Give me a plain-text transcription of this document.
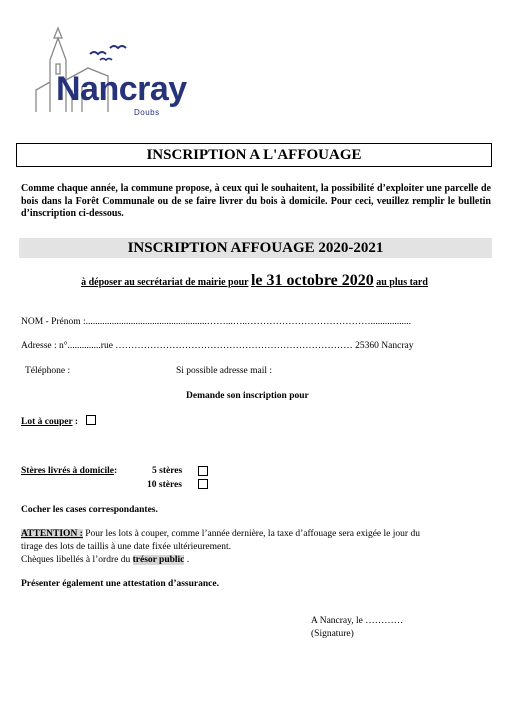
Nancray
Doubs
INSCRIPTION A L'AFFOUAGE
Comme chaque année, la commune propose, à ceux qui le souhaitent, la possibilité d’exploiter une parcelle de bois dans la Forêt Communale ou de se faire livrer du bois à domicile. Pour ceci, veuillez remplir le bulletin d’inscription ci-dessous.
INSCRIPTION AFFOUAGE 2020-2021
à déposer au secrétariat de mairie pour le 31 octobre 2020 au plus tard
NOM - Prénom :...................................................……...…..………………………………….................
Adresse : n°..............rue ………………………………………………………………… 25360 Nancray
Téléphone :	Si possible adresse mail :
Demande son inscription pour
Lot à couper :
Stères livrés à domicile:	5 stères
10 stères
Cocher les cases correspondantes.
ATTENTION : Pour les lots à couper, comme l’année dernière, la taxe d’affouage sera exigée le jour du
tirage des lots de taillis à une date fixée ultérieurement.
Chèques libellés à l’ordre du trésor public .
Présenter également une attestation d’assurance.
A Nancray, le …………
(Signature)
